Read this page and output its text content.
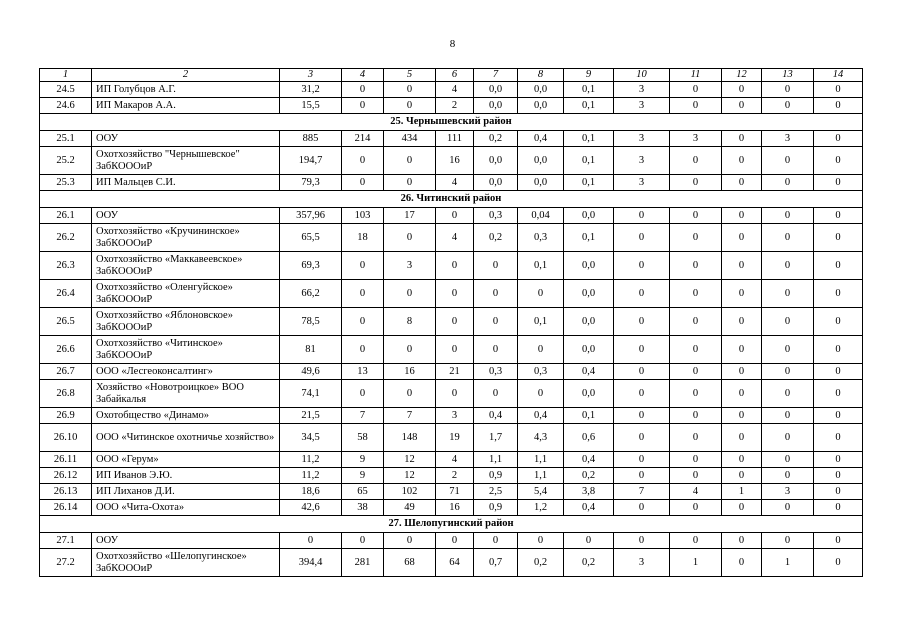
8
1	2	3	4	5	6	7	8	9	10	11	12	13	14
24.5	ИП Голубцов А.Г.	31,2	0	0	4	0,0	0,0	0,1	3	0	0	0	0
24.6	ИП Макаров А.А.	15,5	0	0	2	0,0	0,0	0,1	3	0	0	0	0
25. Чернышевский район													
25.1	ООУ	885	214	434	111	0,2	0,4	0,1	3	3	0	3	0
25.2	Охотхозяйство "Чернышевское" ЗабКОООиР	194,7	0	0	16	0,0	0,0	0,1	3	0	0	0	0
25.3	ИП Мальцев С.И.	79,3	0	0	4	0,0	0,0	0,1	3	0	0	0	0
26. Читинский район													
26.1	ООУ	357,96	103	17	0	0,3	0,04	0,0	0	0	0	0	0
26.2	Охотхозяйство «Кручининское» ЗабКОООиР	65,5	18	0	4	0,2	0,3	0,1	0	0	0	0	0
26.3	Охотхозяйство «Маккавеевское» ЗабКОООиР	69,3	0	3	0	0	0,1	0,0	0	0	0	0	0
26.4	Охотхозяйство «Оленгуйское» ЗабКОООиР	66,2	0	0	0	0	0	0,0	0	0	0	0	0
26.5	Охотхозяйство «Яблоновское» ЗабКОООиР	78,5	0	8	0	0	0,1	0,0	0	0	0	0	0
26.6	Охотхозяйство «Читинское» ЗабКОООиР	81	0	0	0	0	0	0,0	0	0	0	0	0
26.7	ООО «Лесгеоконсалтинг»	49,6	13	16	21	0,3	0,3	0,4	0	0	0	0	0
26.8	Хозяйство «Новотроицкое» ВОО Забайкалья	74,1	0	0	0	0	0	0,0	0	0	0	0	0
26.9	Охотобщество «Динамо»	21,5	7	7	3	0,4	0,4	0,1	0	0	0	0	0
26.10	ООО «Читинское охотничье хозяйство»	34,5	58	148	19	1,7	4,3	0,6	0	0	0	0	0
26.11	ООО «Герум»	11,2	9	12	4	1,1	1,1	0,4	0	0	0	0	0
26.12	ИП Иванов Э.Ю.	11,2	9	12	2	0,9	1,1	0,2	0	0	0	0	0
26.13	ИП Лиханов Д.И.	18,6	65	102	71	2,5	5,4	3,8	7	4	1	3	0
26.14	ООО «Чита-Охота»	42,6	38	49	16	0,9	1,2	0,4	0	0	0	0	0
27. Шелопугинский район													
27.1	ООУ	0	0	0	0	0	0	0	0	0	0	0	0
27.2	Охотхозяйство «Шелопугинское» ЗабКОООиР	394,4	281	68	64	0,7	0,2	0,2	3	1	0	1	0
